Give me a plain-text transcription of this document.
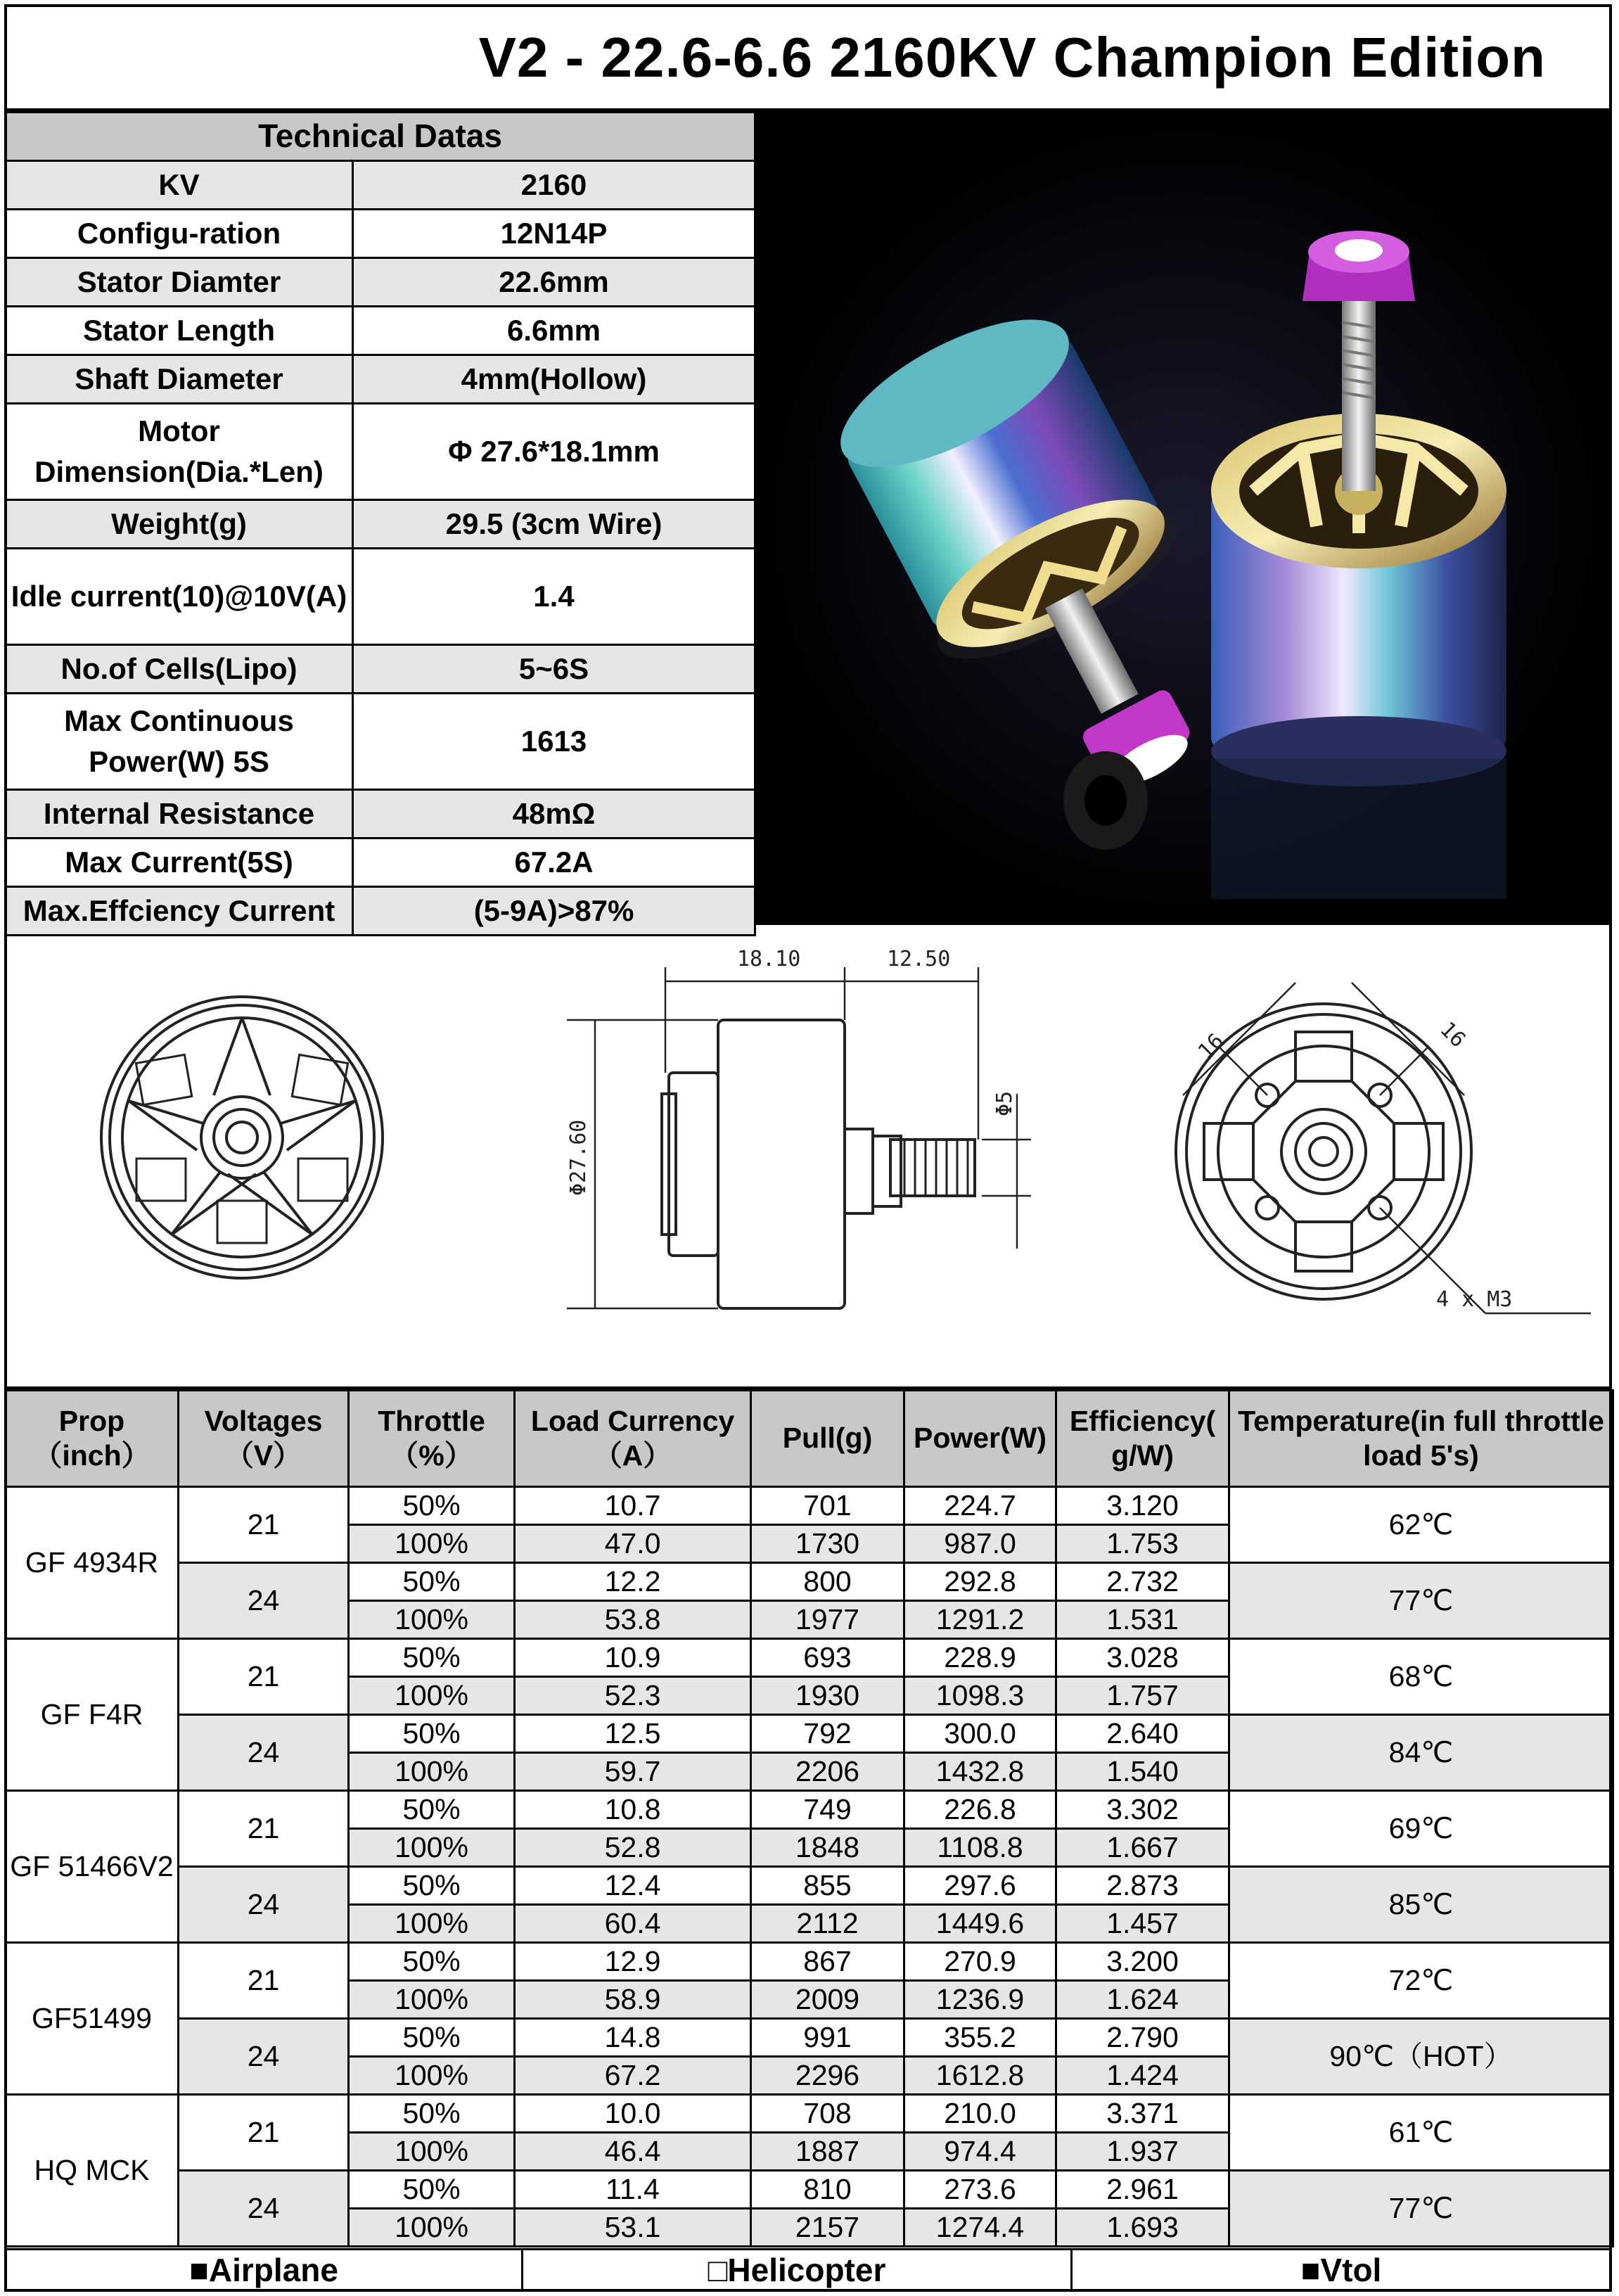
V2 - 22.6-6.6 2160KV Champion Edition
Technical Datas	
KV	2160
Configu-ration	12N14P
Stator Diamter	22.6mm
Stator Length	6.6mm
Shaft Diameter	4mm(Hollow)
Motor Dimension(Dia.*Len)	Φ 27.6*18.1mm
Weight(g)	29.5 (3cm Wire)
Idle current(10)@10V(A)	1.4
No.of Cells(Lipo)	5~6S
Max Continuous Power(W) 5S	1613
Internal Resistance	48mΩ
Max Current(5S)	67.2A
Max.Effciency Current	(5-9A)>87%
18.10	12.50
Φ27.60
Φ5
16	16
4 x M3
Prop （inch）	Voltages （V）	Throttle （%）	Load Currency （A）	Pull(g)	Power(W)	Efficiency( g/W)	Temperature(in full throttle load 5's)
GF 4934R	21	50%	10.7	701	224.7	3.120	62℃
		100%	47.0	1730	987.0	1.753	
	24	50%	12.2	800	292.8	2.732	77℃
		100%	53.8	1977	1291.2	1.531	
GF F4R	21	50%	10.9	693	228.9	3.028	68℃
		100%	52.3	1930	1098.3	1.757	
	24	50%	12.5	792	300.0	2.640	84℃
		100%	59.7	2206	1432.8	1.540	
GF 51466V2	21	50%	10.8	749	226.8	3.302	69℃
		100%	52.8	1848	1108.8	1.667	
	24	50%	12.4	855	297.6	2.873	85℃
		100%	60.4	2112	1449.6	1.457	
GF51499	21	50%	12.9	867	270.9	3.200	72℃
		100%	58.9	2009	1236.9	1.624	
	24	50%	14.8	991	355.2	2.790	90℃（HOT）
		100%	67.2	2296	1612.8	1.424	
HQ MCK	21	50%	10.0	708	210.0	3.371	61℃
		100%	46.4	1887	974.4	1.937	
	24	50%	11.4	810	273.6	2.961	77℃
		100%	53.1	2157	1274.4	1.693	
■Airplane	□Helicopter	■Vtol
